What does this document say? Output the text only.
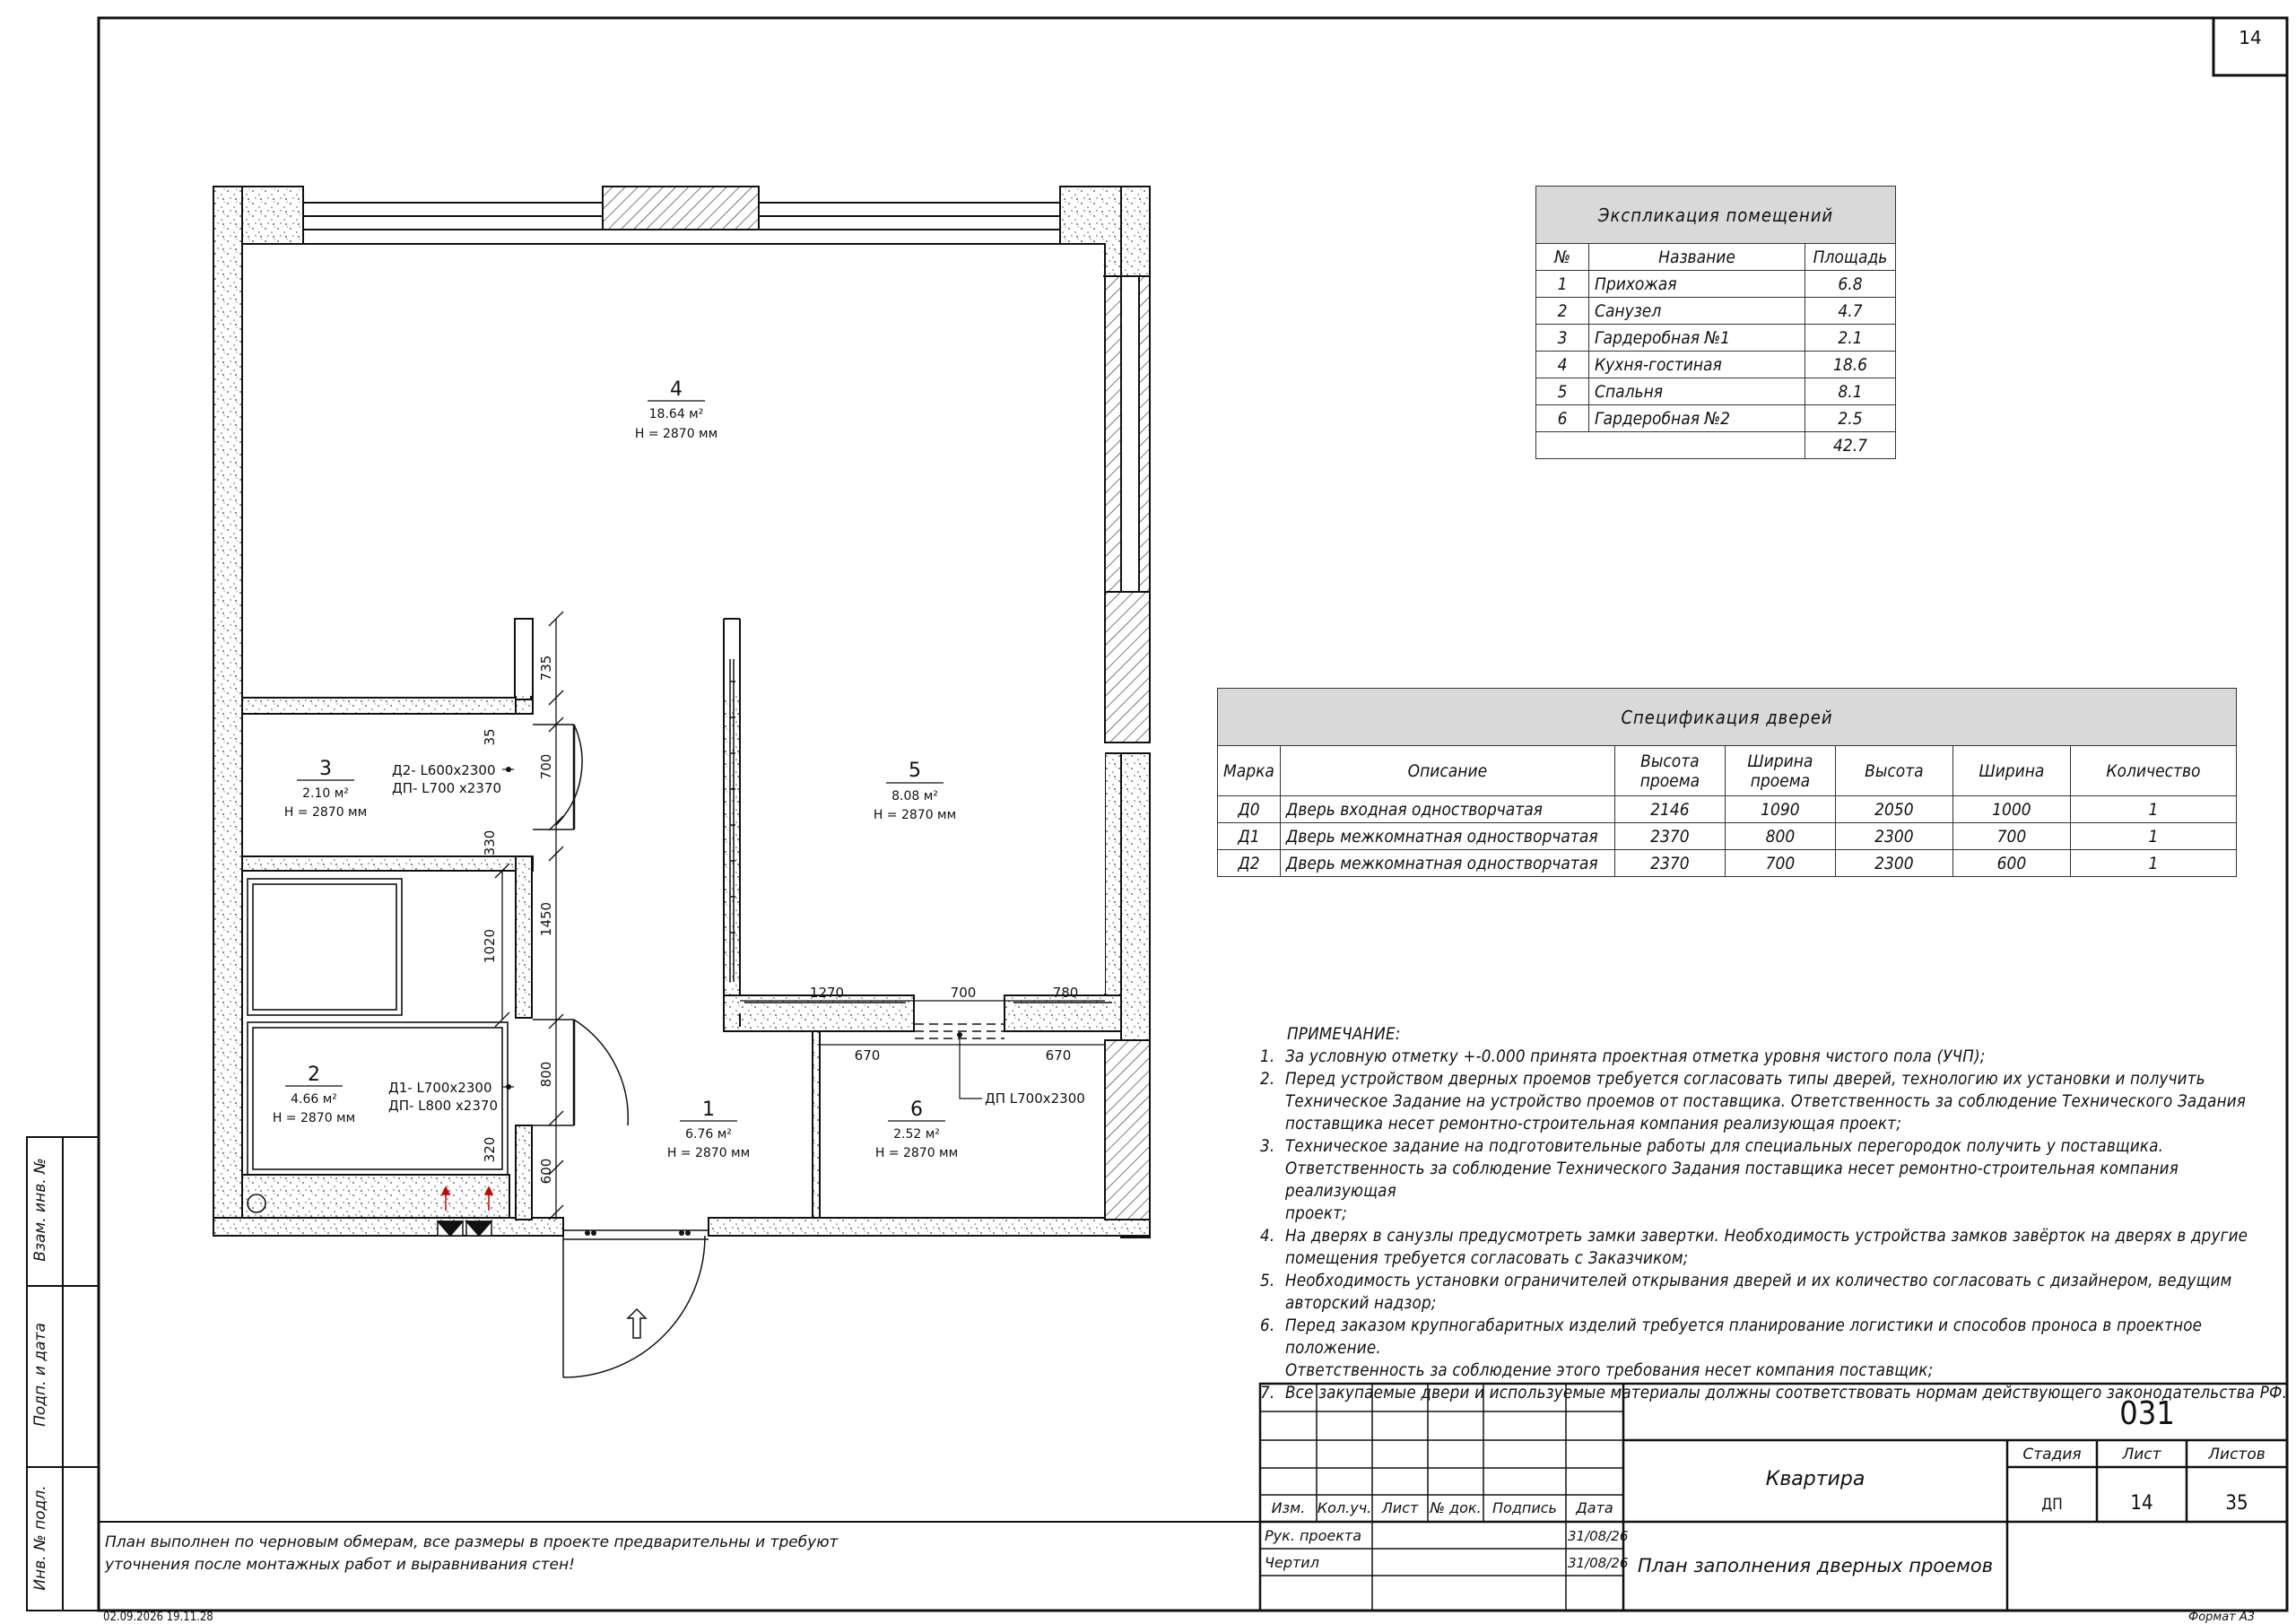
14
Взам. инв. №
Подп. и дата
Инв. № подл.
4
5
3
2
1	6
18.64 м²
H = 2870 мм
8.08 м²
H = 2870 мм
2.10 м²
H = 2870 мм
4.66 м²
H = 2870 мм
6.76 м²
H = 2870 мм
2.52 м²
H = 2870 мм
Д2- L600x2300
ДП- L700 x2370
Д1- L700x2300
ДП- L800 x2370	ДП L700x2300
735
35
700
330
1450
1020
800
320
600
1270	700	780
670	670
Экспликация помещений		
№	Название	Площадь
1	Прихожая	6.8
2	Санузел	4.7
3	Гардеробная №1	2.1
4	Кухня-гостиная	18.6
5	Спальня	8.1
6	Гардеробная №2	2.5
		42.7
Спецификация дверей						
Марка	Описание	Высота проема	Ширина проема	Высота	Ширина	Количество
Д0	Дверь входная одностворчатая	2146	1090	2050	1000	1
Д1	Дверь межкомнатная одностворчатая	2370	800	2300	700	1
Д2	Дверь межкомнатная одностворчатая	2370	700	2300	600	1
ПРИМЕЧАНИЕ:
1. За условную отметку +-0.000 принята проектная отметка уровня чистого пола (УЧП);
2. Перед устройством дверных проемов требуется согласовать типы дверей, технологию их установки и получить
Техническое Задание на устройство проемов от поставщика. Ответственность за соблюдение Технического Задания
поставщика несет ремонтно-строительная компания реализующая проект;
3. Техническое задание на подготовительные работы для специальных перегородок получить у поставщика.
Ответственность за соблюдение Технического Задания поставщика несет ремонтно-строительная компания реализующая
проект;
4. На дверях в санузлы предусмотреть замки завертки. Необходимость устройства замков завёрток на дверях в другие
помещения требуется согласовать с Заказчиком;
5. Необходимость установки ограничителей открывания дверей и их количество согласовать с дизайнером, ведущим
авторский надзор;
6. Перед заказом крупногабаритных изделий требуется планирование логистики и способов проноса в проектное положение.
Ответственность за соблюдение этого требования несет компания поставщик;
7. Все закупаемые двери и используемые материалы должны соответствовать нормам действующего законодательства РФ.
Изм. Кол.уч. Лист № док. Подпись	Дата
Рук. проекта	31/08/26
Чертил	31/08/26
031
Квартира
Стадия	Лист	Листов
ДП	14	35
План заполнения дверных проемов
План выполнен по черновым обмерам, все размеры в проекте предварительны и требуют
уточнения после монтажных работ и выравнивания стен!
02.09.2026 19.11.28	Формат А3
